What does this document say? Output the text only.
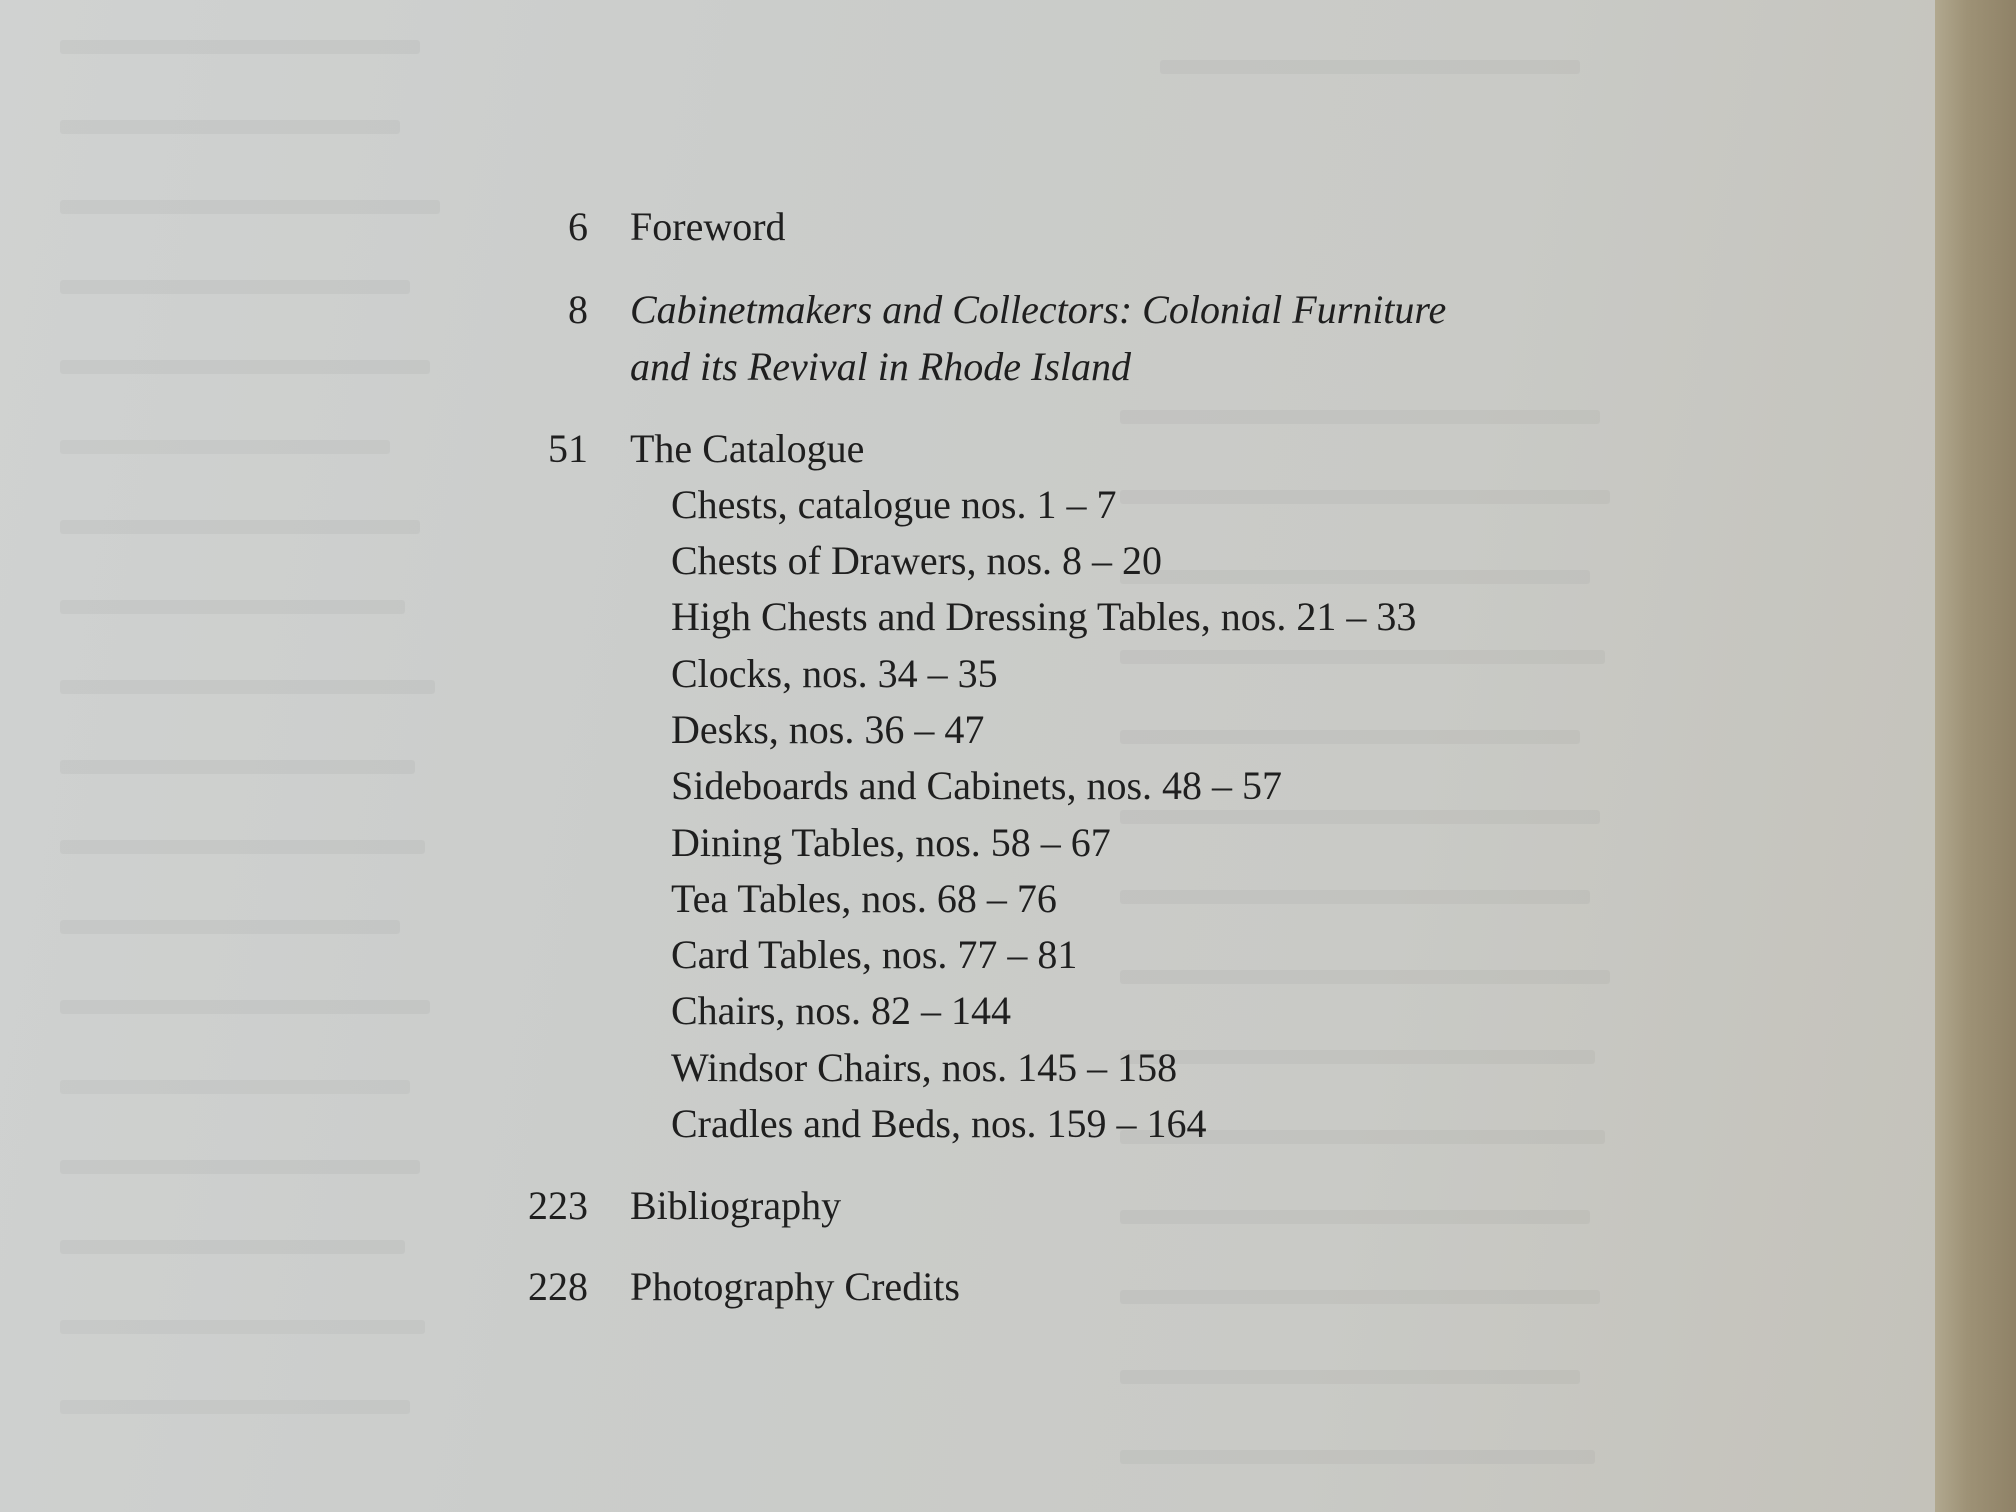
6 Foreword
8 Cabinetmakers and Collectors: Colonial Furniture
and its Revival in Rhode Island
51 The Catalogue
Chests, catalogue nos. 1 – 7
Chests of Drawers, nos. 8 – 20
High Chests and Dressing Tables, nos. 21 – 33
Clocks, nos. 34 – 35
Desks, nos. 36 – 47
Sideboards and Cabinets, nos. 48 – 57
Dining Tables, nos. 58 – 67
Tea Tables, nos. 68 – 76
Card Tables, nos. 77 – 81
Chairs, nos. 82 – 144
Windsor Chairs, nos. 145 – 158
Cradles and Beds, nos. 159 – 164
223 Bibliography
228 Photography Credits
